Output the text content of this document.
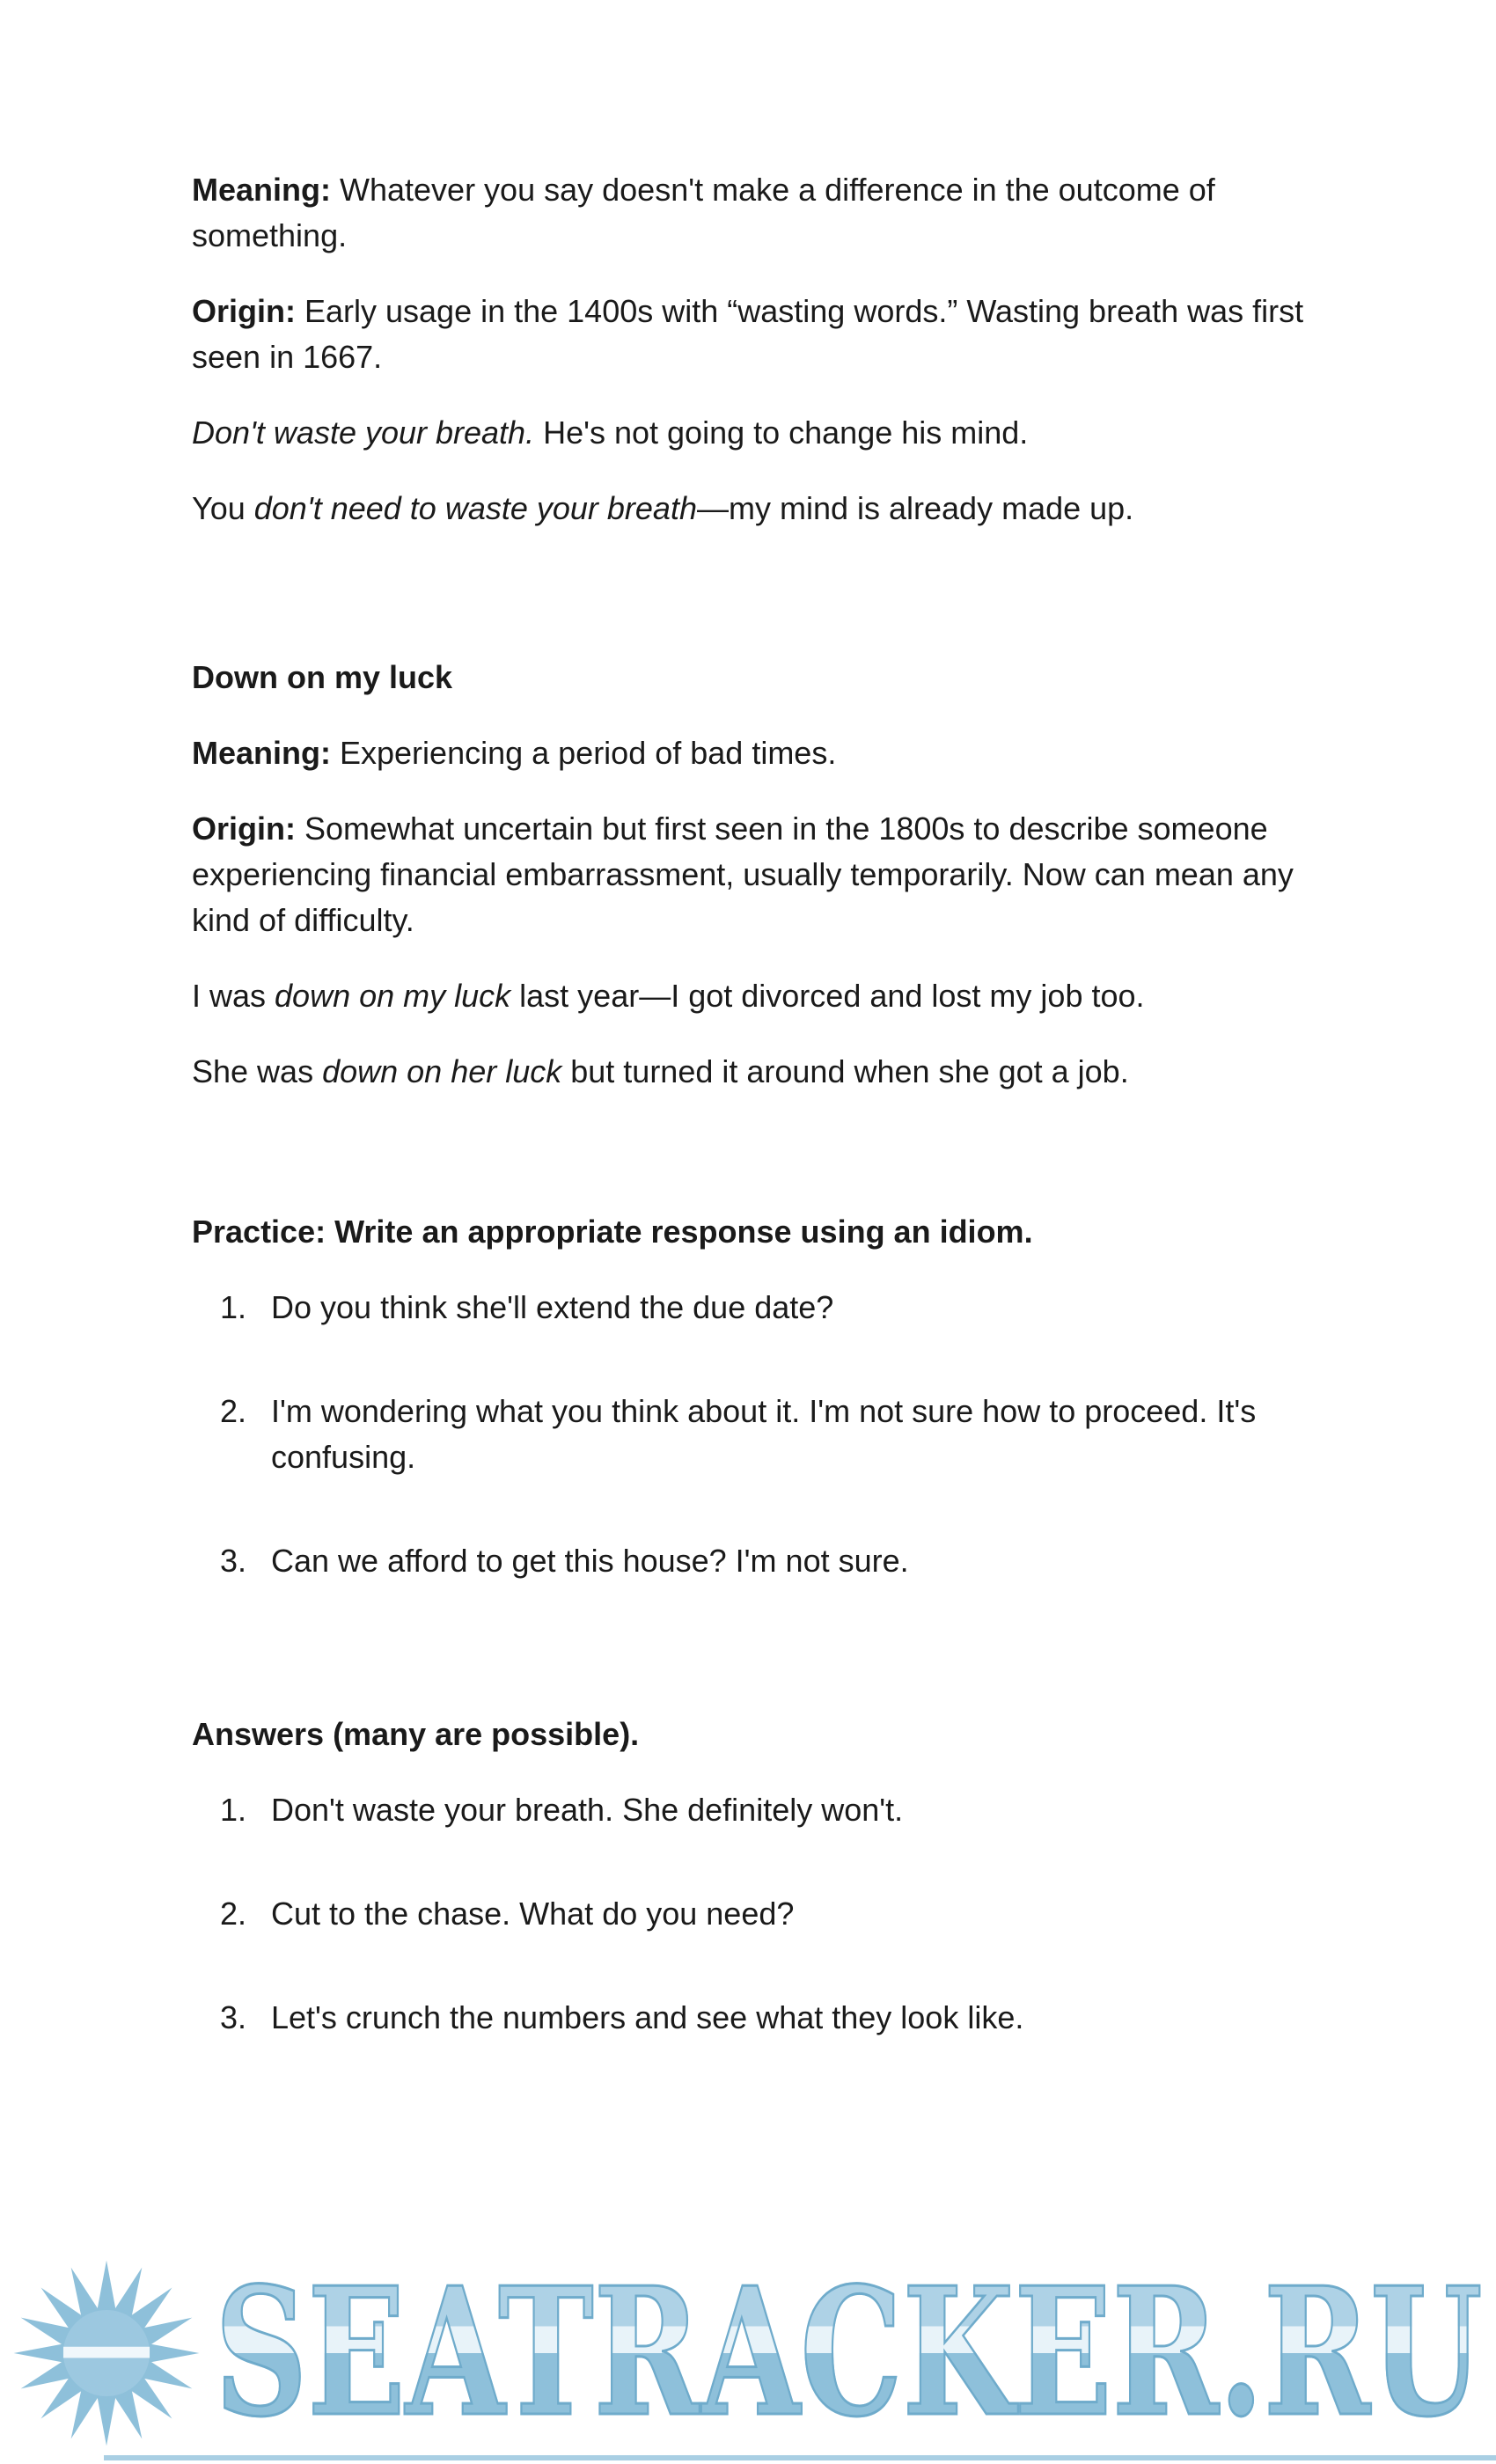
Meaning: Whatever you say doesn't make a difference in the outcome of something.

Origin: Early usage in the 1400s with “wasting words.” Wasting breath was first seen in 1667.

Don't waste your breath. He's not going to change his mind.

You don't need to waste your breath—my mind is already made up.

Down on my luck

Meaning: Experiencing a period of bad times.

Origin: Somewhat uncertain but first seen in the 1800s to describe someone experiencing financial embarrassment, usually temporarily. Now can mean any kind of difficulty.

I was down on my luck last year—I got divorced and lost my job too.

She was down on her luck but turned it around when she got a job.

Practice: Write an appropriate response using an idiom.

1. Do you think she'll extend the due date?
2. I'm wondering what you think about it. I'm not sure how to proceed. It's confusing.
3. Can we afford to get this house? I'm not sure.

Answers (many are possible).

1. Don't waste your breath. She definitely won't.
2. Cut to the chase. What do you need?
3. Let's crunch the numbers and see what they look like.
SEATRACKER.RU
